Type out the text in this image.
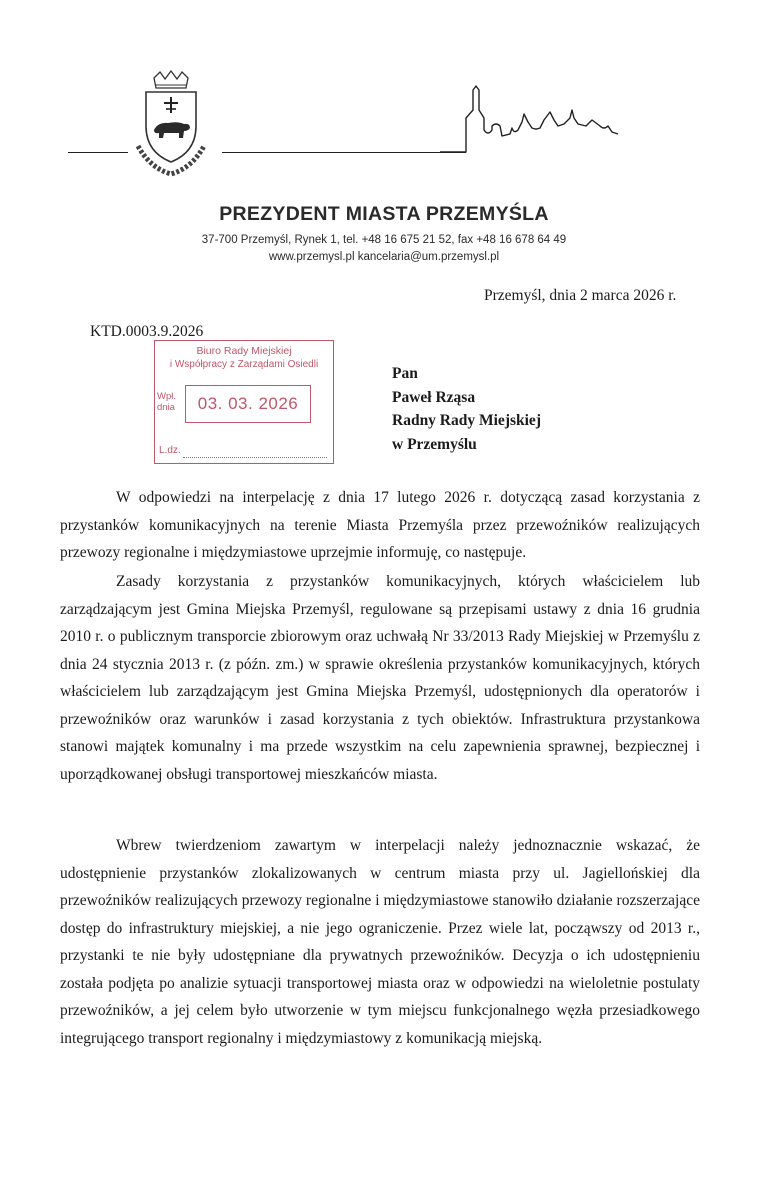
PREZYDENT MIASTA PRZEMYŚLA
37-700 Przemyśl, Rynek 1, tel. +48 16 675 21 52, fax +48 16 678 64 49
www.przemysl.pl kancelaria@um.przemysl.pl
Przemyśl, dnia 2 marca 2026 r.
KTD.0003.9.2026
Biuro Rady Miejskiej
i Współpracy z Zarządami Osiedli
Wpł.
dnia	03. 03. 2026
L.dz.
Pan
Paweł Rząsa
Radny Rady Miejskiej
w Przemyślu

W odpowiedzi na interpelację z dnia 17 lutego 2026 r. dotyczącą zasad korzystania z przystanków komunikacyjnych na terenie Miasta Przemyśla przez przewoźników realizujących przewozy regionalne i międzymiastowe uprzejmie informuję, co następuje.

Zasady korzystania z przystanków komunikacyjnych, których właścicielem lub zarządzającym jest Gmina Miejska Przemyśl, regulowane są przepisami ustawy z dnia 16 grudnia 2010 r. o publicznym transporcie zbiorowym oraz uchwałą Nr 33/2013 Rady Miejskiej w Przemyślu z dnia 24 stycznia 2013 r. (z późn. zm.) w sprawie określenia przystanków komunikacyjnych, których właścicielem lub zarządzającym jest Gmina Miejska Przemyśl, udostępnionych dla operatorów i przewoźników oraz warunków i zasad korzystania z tych obiektów. Infrastruktura przystankowa stanowi majątek komunalny i ma przede wszystkim na celu zapewnienia sprawnej, bezpiecznej i uporządkowanej obsługi transportowej mieszkańców miasta.

Wbrew twierdzeniom zawartym w interpelacji należy jednoznacznie wskazać, że udostępnienie przystanków zlokalizowanych w centrum miasta przy ul. Jagiellońskiej dla przewoźników realizujących przewozy regionalne i międzymiastowe stanowiło działanie rozszerzające dostęp do infrastruktury miejskiej, a nie jego ograniczenie. Przez wiele lat, począwszy od 2013 r., przystanki te nie były udostępniane dla prywatnych przewoźników. Decyzja o ich udostępnieniu została podjęta po analizie sytuacji transportowej miasta oraz w odpowiedzi na wieloletnie postulaty przewoźników, a jej celem było utworzenie w tym miejscu funkcjonalnego węzła przesiadkowego integrującego transport regionalny i międzymiastowy z komunikacją miejską.
